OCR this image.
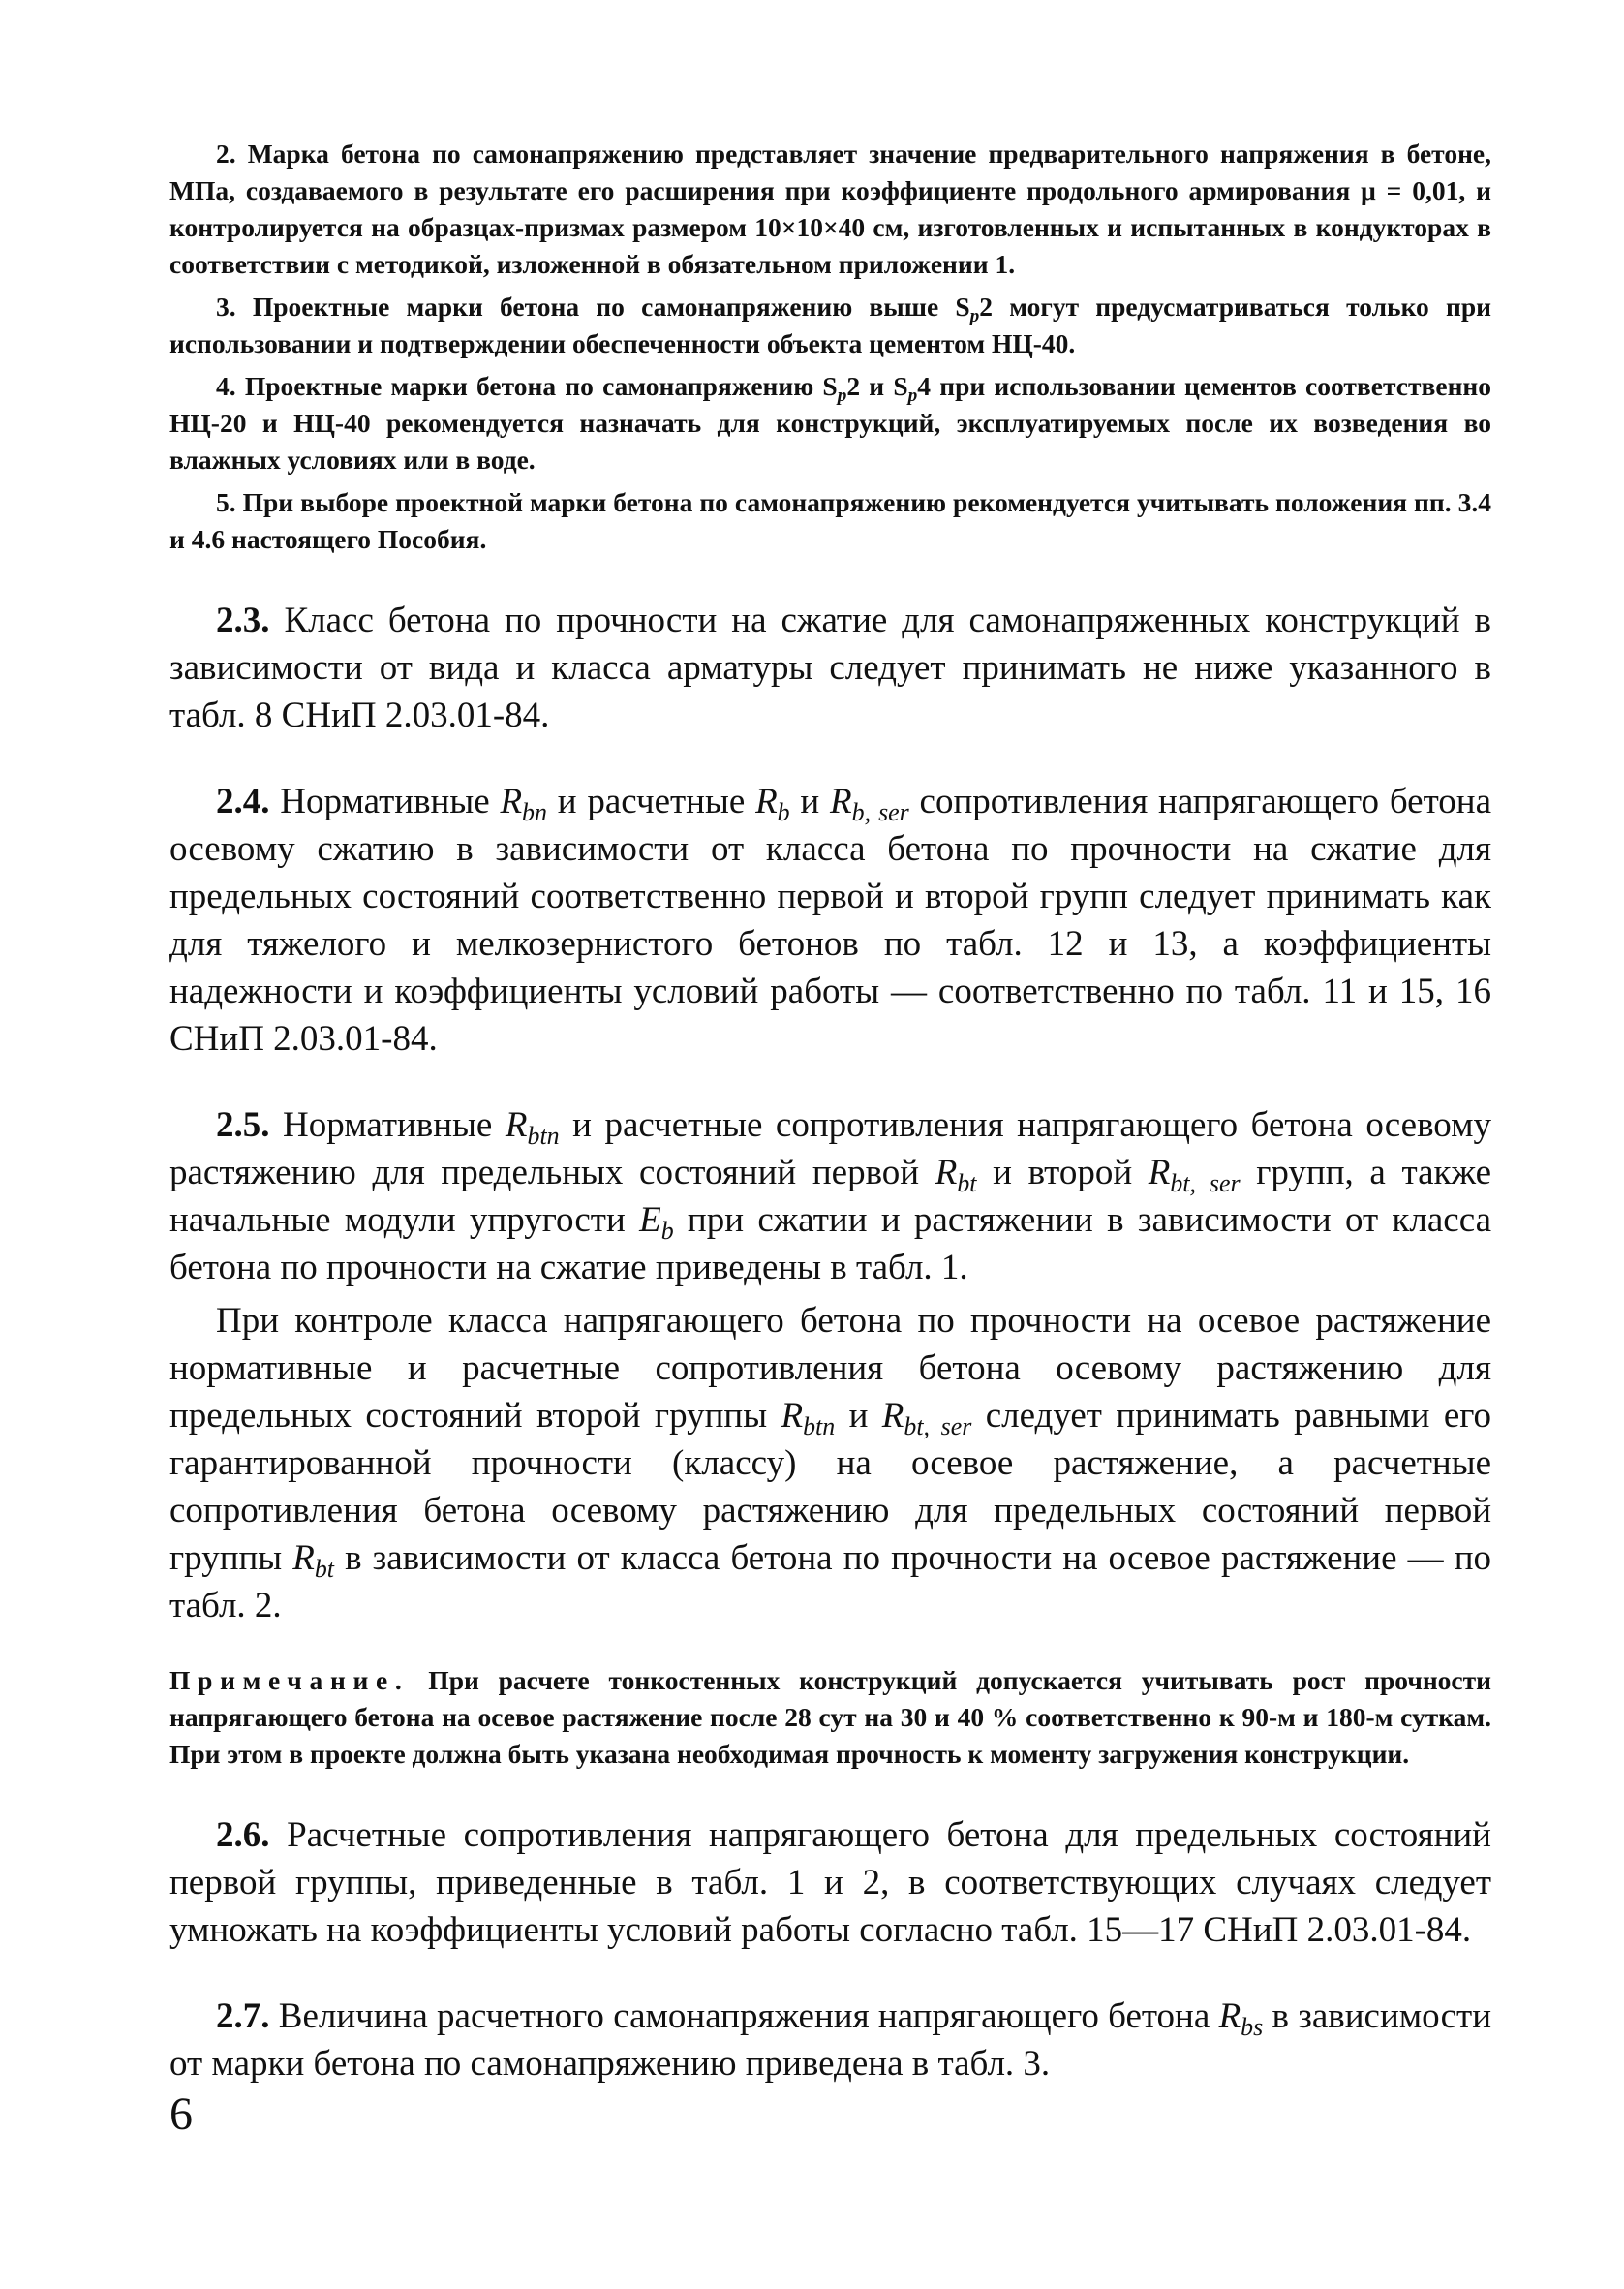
2. Марка бетона по самонапряжению представляет значение предварительного напряжения в бетоне, МПа, создаваемого в результате его расширения при коэффициенте продольного армирования μ = 0,01, и контролируется на образцах-призмах размером 10×10×40 см, изготовленных и испытанных в кондукторах в соответствии с методикой, изложенной в обязательном приложении 1.

3. Проектные марки бетона по самонапряжению выше $S_p2$ могут предусматриваться только при использовании и подтверждении обеспеченности объекта цементом НЦ-40.

4. Проектные марки бетона по самонапряжению $S_p2$ и $S_p4$ при использовании цементов соответственно НЦ-20 и НЦ-40 рекомендуется назначать для конструкций, эксплуатируемых после их возведения во влажных условиях или в воде.

5. При выборе проектной марки бетона по самонапряжению рекомендуется учитывать положения пп. 3.4 и 4.6 настоящего Пособия.

2.3. Класс бетона по прочности на сжатие для самонапряженных конструкций в зависимости от вида и класса арматуры следует принимать не ниже указанного в табл. 8 СНиП 2.03.01-84.

2.4. Нормативные $R_{bn}$ и расчетные $R_b$ и $R_{b, ser}$ сопротивления напрягающего бетона осевому сжатию в зависимости от класса бетона по прочности на сжатие для предельных состояний соответственно первой и второй групп следует принимать как для тяжелого и мелкозернистого бетонов по табл. 12 и 13, а коэффициенты надежности и коэффициенты условий работы — соответственно по табл. 11 и 15, 16 СНиП 2.03.01-84.

2.5. Нормативные $R_{btn}$ и расчетные сопротивления напрягающего бетона осевому растяжению для предельных состояний первой $R_{bt}$ и второй $R_{bt, ser}$ групп, а также начальные модули упругости $E_b$ при сжатии и растяжении в зависимости от класса бетона по прочности на сжатие приведены в табл. 1.

При контроле класса напрягающего бетона по прочности на осевое растяжение нормативные и расчетные сопротивления бетона осевому растяжению для предельных состояний второй группы $R_{btn}$ и $R_{bt, ser}$ следует принимать равными его гарантированной прочности (классу) на осевое растяжение, а расчетные сопротивления бетона осевому растяжению для предельных состояний первой группы $R_{bt}$ в зависимости от класса бетона по прочности на осевое растяжение — по табл. 2.

Примечание. При расчете тонкостенных конструкций допускается учитывать рост прочности напрягающего бетона на осевое растяжение после 28 сут на 30 и 40 % соответственно к 90-м и 180-м суткам. При этом в проекте должна быть указана необходимая прочность к моменту загружения конструкции.

2.6. Расчетные сопротивления напрягающего бетона для предельных состояний первой группы, приведенные в табл. 1 и 2, в соответствующих случаях следует умножать на коэффициенты условий работы согласно табл. 15—17 СНиП 2.03.01-84.

2.7. Величина расчетного самонапряжения напрягающего бетона $R_{bs}$ в зависимости от марки бетона по самонапряжению приведена в табл. 3.

6
